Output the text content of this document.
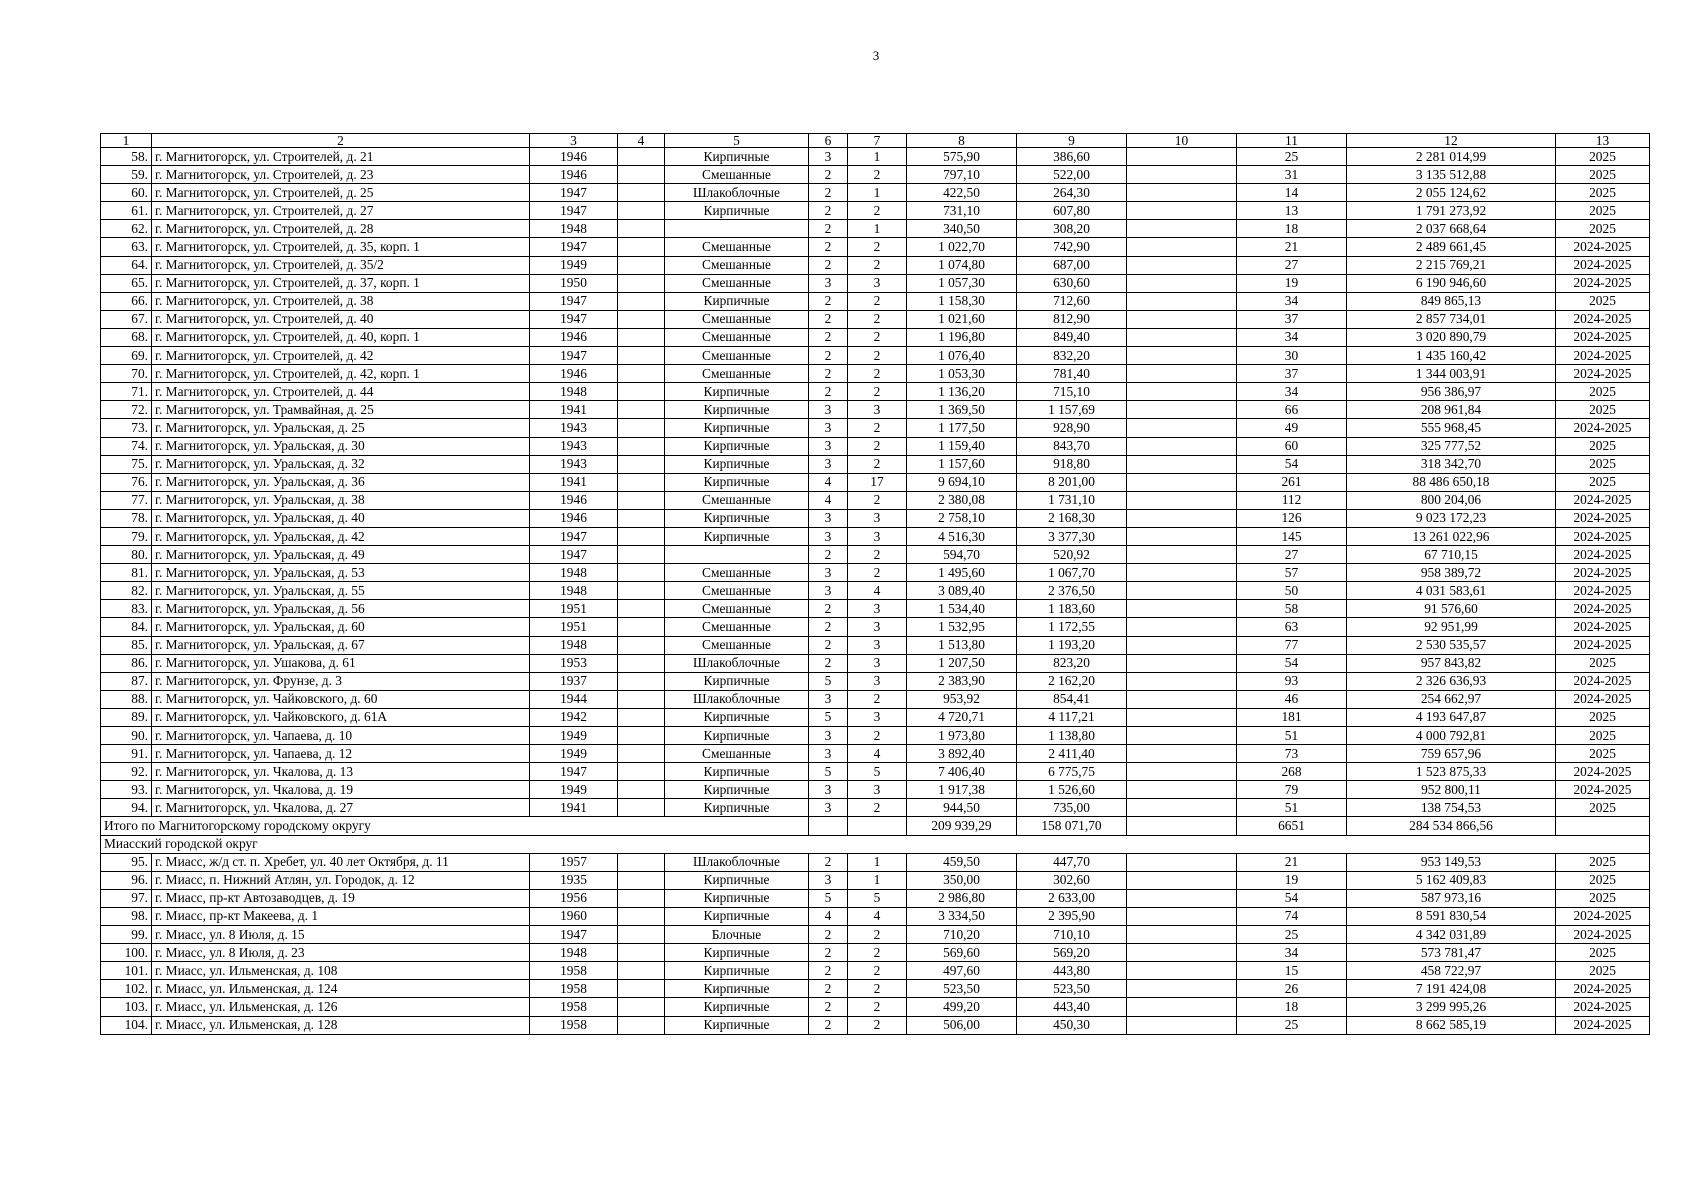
3
1	2	3	4	5	6	7	8	9	10	11	12	13
58.	г. Магнитогорск, ул. Строителей, д. 21	1946		Кирпичные	3	1	575,90	386,60		25	2 281 014,99	2025
59.	г. Магнитогорск, ул. Строителей, д. 23	1946		Смешанные	2	2	797,10	522,00		31	3 135 512,88	2025
60.	г. Магнитогорск, ул. Строителей, д. 25	1947		Шлакоблочные	2	1	422,50	264,30		14	2 055 124,62	2025
61.	г. Магнитогорск, ул. Строителей, д. 27	1947		Кирпичные	2	2	731,10	607,80		13	1 791 273,92	2025
62.	г. Магнитогорск, ул. Строителей, д. 28	1948			2	1	340,50	308,20		18	2 037 668,64	2025
63.	г. Магнитогорск, ул. Строителей, д. 35, корп. 1	1947		Смешанные	2	2	1 022,70	742,90		21	2 489 661,45	2024-2025
64.	г. Магнитогорск, ул. Строителей, д. 35/2	1949		Смешанные	2	2	1 074,80	687,00		27	2 215 769,21	2024-2025
65.	г. Магнитогорск, ул. Строителей, д. 37, корп. 1	1950		Смешанные	3	3	1 057,30	630,60		19	6 190 946,60	2024-2025
66.	г. Магнитогорск, ул. Строителей, д. 38	1947		Кирпичные	2	2	1 158,30	712,60		34	849 865,13	2025
67.	г. Магнитогорск, ул. Строителей, д. 40	1947		Смешанные	2	2	1 021,60	812,90		37	2 857 734,01	2024-2025
68.	г. Магнитогорск, ул. Строителей, д. 40, корп. 1	1946		Смешанные	2	2	1 196,80	849,40		34	3 020 890,79	2024-2025
69.	г. Магнитогорск, ул. Строителей, д. 42	1947		Смешанные	2	2	1 076,40	832,20		30	1 435 160,42	2024-2025
70.	г. Магнитогорск, ул. Строителей, д. 42, корп. 1	1946		Смешанные	2	2	1 053,30	781,40		37	1 344 003,91	2024-2025
71.	г. Магнитогорск, ул. Строителей, д. 44	1948		Кирпичные	2	2	1 136,20	715,10		34	956 386,97	2025
72.	г. Магнитогорск, ул. Трамвайная, д. 25	1941		Кирпичные	3	3	1 369,50	1 157,69		66	208 961,84	2025
73.	г. Магнитогорск, ул. Уральская, д. 25	1943		Кирпичные	3	2	1 177,50	928,90		49	555 968,45	2024-2025
74.	г. Магнитогорск, ул. Уральская, д. 30	1943		Кирпичные	3	2	1 159,40	843,70		60	325 777,52	2025
75.	г. Магнитогорск, ул. Уральская, д. 32	1943		Кирпичные	3	2	1 157,60	918,80		54	318 342,70	2025
76.	г. Магнитогорск, ул. Уральская, д. 36	1941		Кирпичные	4	17	9 694,10	8 201,00		261	88 486 650,18	2025
77.	г. Магнитогорск, ул. Уральская, д. 38	1946		Смешанные	4	2	2 380,08	1 731,10		112	800 204,06	2024-2025
78.	г. Магнитогорск, ул. Уральская, д. 40	1946		Кирпичные	3	3	2 758,10	2 168,30		126	9 023 172,23	2024-2025
79.	г. Магнитогорск, ул. Уральская, д. 42	1947		Кирпичные	3	3	4 516,30	3 377,30		145	13 261 022,96	2024-2025
80.	г. Магнитогорск, ул. Уральская, д. 49	1947			2	2	594,70	520,92		27	67 710,15	2024-2025
81.	г. Магнитогорск, ул. Уральская, д. 53	1948		Смешанные	3	2	1 495,60	1 067,70		57	958 389,72	2024-2025
82.	г. Магнитогорск, ул. Уральская, д. 55	1948		Смешанные	3	4	3 089,40	2 376,50		50	4 031 583,61	2024-2025
83.	г. Магнитогорск, ул. Уральская, д. 56	1951		Смешанные	2	3	1 534,40	1 183,60		58	91 576,60	2024-2025
84.	г. Магнитогорск, ул. Уральская, д. 60	1951		Смешанные	2	3	1 532,95	1 172,55		63	92 951,99	2024-2025
85.	г. Магнитогорск, ул. Уральская, д. 67	1948		Смешанные	2	3	1 513,80	1 193,20		77	2 530 535,57	2024-2025
86.	г. Магнитогорск, ул. Ушакова, д. 61	1953		Шлакоблочные	2	3	1 207,50	823,20		54	957 843,82	2025
87.	г. Магнитогорск, ул. Фрунзе, д. 3	1937		Кирпичные	5	3	2 383,90	2 162,20		93	2 326 636,93	2024-2025
88.	г. Магнитогорск, ул. Чайковского, д. 60	1944		Шлакоблочные	3	2	953,92	854,41		46	254 662,97	2024-2025
89.	г. Магнитогорск, ул. Чайковского, д. 61А	1942		Кирпичные	5	3	4 720,71	4 117,21		181	4 193 647,87	2025
90.	г. Магнитогорск, ул. Чапаева, д. 10	1949		Кирпичные	3	2	1 973,80	1 138,80		51	4 000 792,81	2025
91.	г. Магнитогорск, ул. Чапаева, д. 12	1949		Смешанные	3	4	3 892,40	2 411,40		73	759 657,96	2025
92.	г. Магнитогорск, ул. Чкалова, д. 13	1947		Кирпичные	5	5	7 406,40	6 775,75		268	1 523 875,33	2024-2025
93.	г. Магнитогорск, ул. Чкалова, д. 19	1949		Кирпичные	3	3	1 917,38	1 526,60		79	952 800,11	2024-2025
94.	г. Магнитогорск, ул. Чкалова, д. 27	1941		Кирпичные	3	2	944,50	735,00		51	138 754,53	2025
Итого по Магнитогорскому городскому округу							209 939,29	158 071,70		6651	284 534 866,56	
Миасский городской округ												
95.	г. Миасс, ж/д ст. п. Хребет, ул. 40 лет Октября, д. 11	1957		Шлакоблочные	2	1	459,50	447,70		21	953 149,53	2025
96.	г. Миасс, п. Нижний Атлян, ул. Городок, д. 12	1935		Кирпичные	3	1	350,00	302,60		19	5 162 409,83	2025
97.	г. Миасс, пр-кт Автозаводцев, д. 19	1956		Кирпичные	5	5	2 986,80	2 633,00		54	587 973,16	2025
98.	г. Миасс, пр-кт Макеева, д. 1	1960		Кирпичные	4	4	3 334,50	2 395,90		74	8 591 830,54	2024-2025
99.	г. Миасс, ул. 8 Июля, д. 15	1947		Блочные	2	2	710,20	710,10		25	4 342 031,89	2024-2025
100.	г. Миасс, ул. 8 Июля, д. 23	1948		Кирпичные	2	2	569,60	569,20		34	573 781,47	2025
101.	г. Миасс, ул. Ильменская, д. 108	1958		Кирпичные	2	2	497,60	443,80		15	458 722,97	2025
102.	г. Миасс, ул. Ильменская, д. 124	1958		Кирпичные	2	2	523,50	523,50		26	7 191 424,08	2024-2025
103.	г. Миасс, ул. Ильменская, д. 126	1958		Кирпичные	2	2	499,20	443,40		18	3 299 995,26	2024-2025
104.	г. Миасс, ул. Ильменская, д. 128	1958		Кирпичные	2	2	506,00	450,30		25	8 662 585,19	2024-2025
